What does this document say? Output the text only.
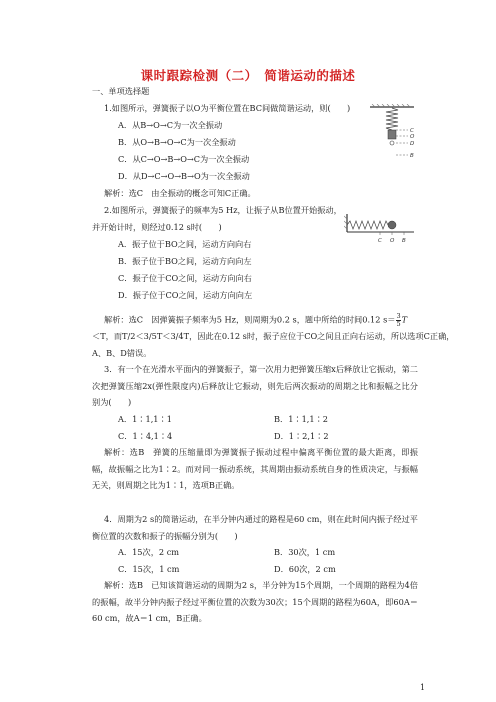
课时跟踪检测（二）　简谐运动的描述
一、单项选择题
1.如图所示，弹簧振子以O为平衡位置在BC间做简谐运动，则(　　)
A．从B→O→C为一次全振动
B．从O→B→O→C为一次全振动
C．从C→O→B→O→C为一次全振动
D．从D→C→O→B→O为一次全振动
解析：选C　由全振动的概念可知C正确。
C
O
D
B
2.如图所示，弹簧振子的频率为5 Hz，让振子从B位置开始振动，
并开始计时，则经过0.12 s时(　　)
A．振子位于BO之间，运动方向向右
B．振子位于BO之间，运动方向向左
C．振子位于CO之间，运动方向向右
D．振子位于CO之间，运动方向向左
C O B
解析：选C　因弹簧振子频率为5 Hz，则周期为0.2 s，题中所给的时间0.12 $s= \frac{3}{5}$ T
＜T，而T/2＜3/5T＜3/4T，因此在0.12 s时，振子应位于CO之间且正向右运动，所以选项C正确，
A、B、D错误。
3．有一个在光滑水平面内的弹簧振子，第一次用力把弹簧压缩x后释放让它振动，第二次把弹簧压缩2x(弹性限度内)后释放让它振动，则先后两次振动的周期之比和振幅之比分别为(　　)
A．1∶1,1∶1	B．1∶1,1∶2
C．1∶4,1∶4	D．1∶2,1∶2
解析：选B　弹簧的压缩量即为弹簧振子振动过程中偏离平衡位置的最大距离，即振幅，故振幅之比为1∶2。而对同一振动系统，其周期由振动系统自身的性质决定，与振幅无关，则周期之比为1∶1，选项B正确。
4．周期为2 s的简谐运动，在半分钟内通过的路程是60 cm，则在此时间内振子经过平衡位置的次数和振子的振幅分别为(　　)
A．15次，2 cm	B．30次，1 cm
C．15次，1 cm	D．60次，2 cm
解析：选B　已知该简谐运动的周期为2 s，半分钟为15个周期，一个周期的路程为4倍的振幅，故半分钟内振子经过平衡位置的次数为30次；15个周期的路程为60A，即60A＝60 cm，故A＝1 cm，B正确。
1
